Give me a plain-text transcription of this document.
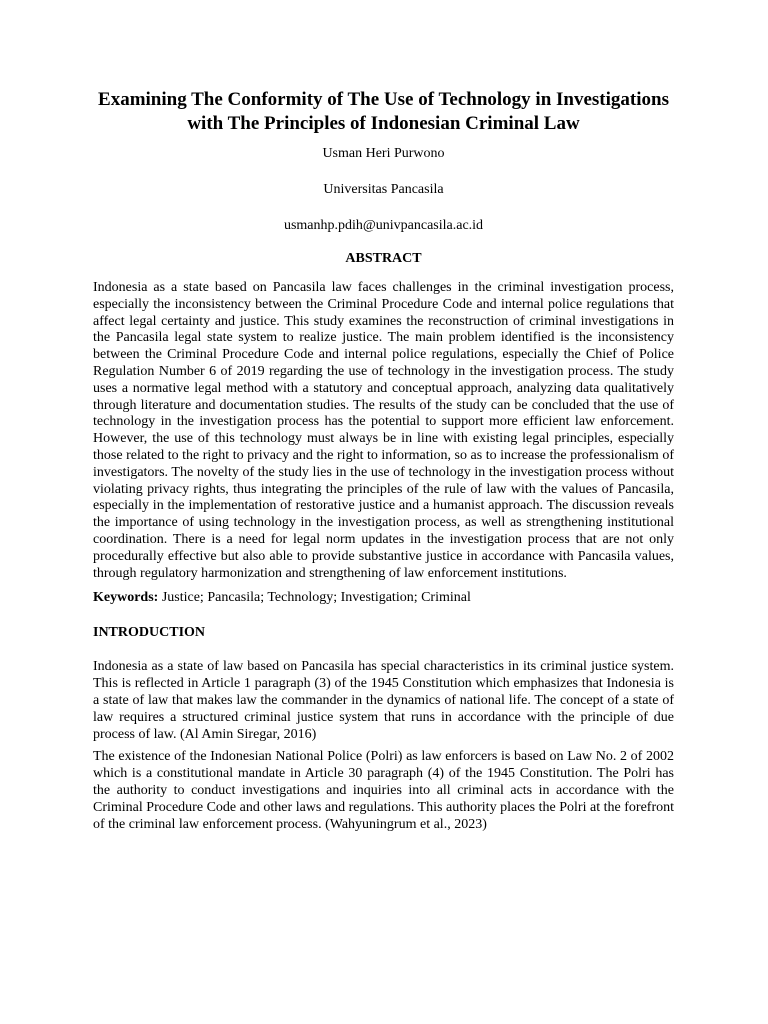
Examining The Conformity of The Use of Technology in Investigations with The Principles of Indonesian Criminal Law

Usman Heri Purwono

Universitas Pancasila

usmanhp.pdih@univpancasila.ac.id

ABSTRACT

Indonesia as a state based on Pancasila law faces challenges in the criminal investigation process, especially the inconsistency between the Criminal Procedure Code and internal police regulations that affect legal certainty and justice. This study examines the reconstruction of criminal investigations in the Pancasila legal state system to realize justice. The main problem identified is the inconsistency between the Criminal Procedure Code and internal police regulations, especially the Chief of Police Regulation Number 6 of 2019 regarding the use of technology in the investigation process. The study uses a normative legal method with a statutory and conceptual approach, analyzing data qualitatively through literature and documentation studies. The results of the study can be concluded that the use of technology in the investigation process has the potential to support more efficient law enforcement. However, the use of this technology must always be in line with existing legal principles, especially those related to the right to privacy and the right to information, so as to increase the professionalism of investigators. The novelty of the study lies in the use of technology in the investigation process without violating privacy rights, thus integrating the principles of the rule of law with the values of Pancasila, especially in the implementation of restorative justice and a humanist approach. The discussion reveals the importance of using technology in the investigation process, as well as strengthening institutional coordination. There is a need for legal norm updates in the investigation process that are not only procedurally effective but also able to provide substantive justice in accordance with Pancasila values, through regulatory harmonization and strengthening of law enforcement institutions.

Keywords: Justice; Pancasila; Technology; Investigation; Criminal

INTRODUCTION

Indonesia as a state of law based on Pancasila has special characteristics in its criminal justice system. This is reflected in Article 1 paragraph (3) of the 1945 Constitution which emphasizes that Indonesia is a state of law that makes law the commander in the dynamics of national life. The concept of a state of law requires a structured criminal justice system that runs in accordance with the principle of due process of law. (Al Amin Siregar, 2016)

The existence of the Indonesian National Police (Polri) as law enforcers is based on Law No. 2 of 2002 which is a constitutional mandate in Article 30 paragraph (4) of the 1945 Constitution. The Polri has the authority to conduct investigations and inquiries into all criminal acts in accordance with the Criminal Procedure Code and other laws and regulations. This authority places the Polri at the forefront of the criminal law enforcement process. (Wahyuningrum et al., 2023)
